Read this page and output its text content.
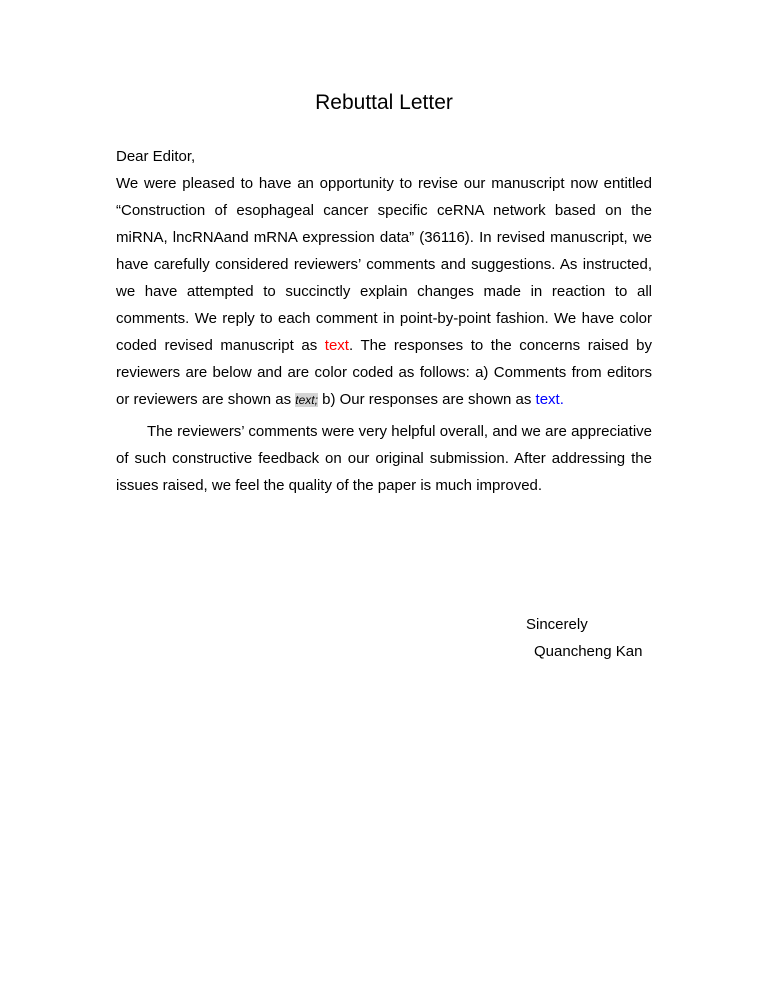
Rebuttal Letter
Dear Editor,
We were pleased to have an opportunity to revise our manuscript now entitled “Construction of esophageal cancer specific ceRNA network based on the miRNA, lncRNAand mRNA expression data” (36116). In revised manuscript, we have carefully considered reviewers’ comments and suggestions. As instructed, we have attempted to succinctly explain changes made in reaction to all comments. We reply to each comment in point-by-point fashion. We have color coded revised manuscript as text. The responses to the concerns raised by reviewers are below and are color coded as follows: a) Comments from editors or reviewers are shown as text; b) Our responses are shown as text.
The reviewers’ comments were very helpful overall, and we are appreciative of such constructive feedback on our original submission. After addressing the issues raised, we feel the quality of the paper is much improved.
Sincerely
Quancheng Kan
